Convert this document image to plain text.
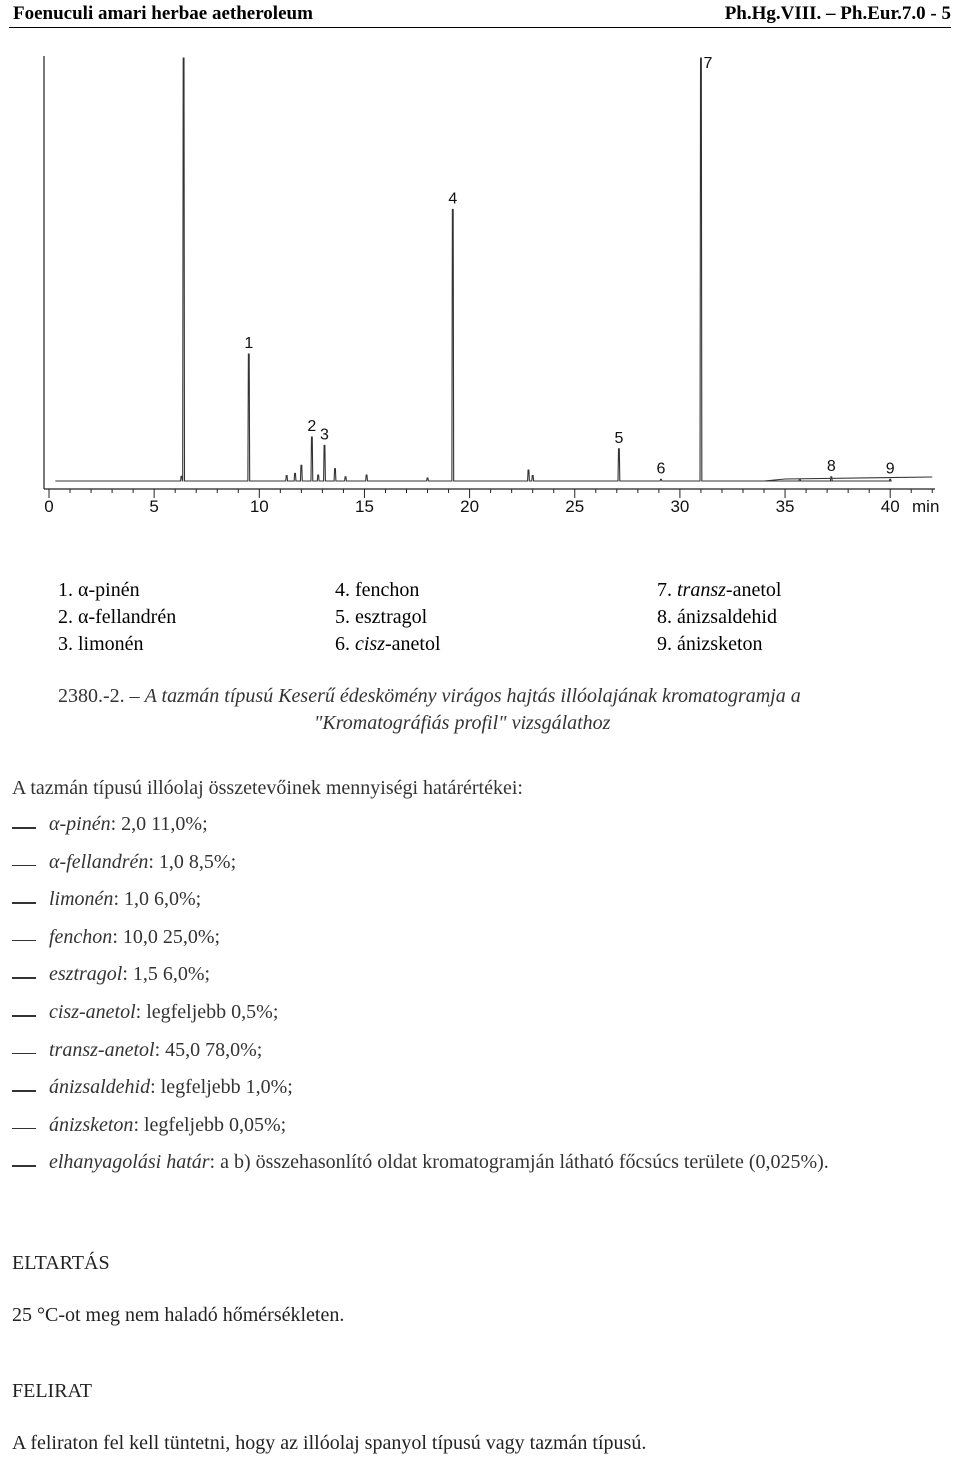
Foenuculi amari herbae aetheroleum	Ph.Hg.VIII. – Ph.Eur.7.0 - 5
0	5	10	15	20	25	30	35	40 min
1
2 3
4
5
6
7
8	9
1. α-pinén
2. α-fellandrén
3. limonén
4. fenchon
5. esztragol
6. cisz-anetol
7. transz-anetol
8. ánizsaldehid
9. ánizsketon
2380.-2. – A tazmán típusú Keserű édeskömény virágos hajtás illóolajának kromatogramja a
"Kromatográfiás profil" vizsgálathoz
A tazmán típusú illóolaj összetevőinek mennyiségi határértékei:
α-pinén: 2,0 11,0%;
α-fellandrén: 1,0 8,5%;
limonén: 1,0 6,0%;
fenchon: 10,0 25,0%;
esztragol: 1,5 6,0%;
cisz-anetol: legfeljebb 0,5%;
transz-anetol: 45,0 78,0%;
ánizsaldehid: legfeljebb 1,0%;
ánizsketon: legfeljebb 0,05%;
elhanyagolási határ: a b) összehasonlító oldat kromatogramján látható főcsúcs területe (0,025%).
ELTARTÁS
25 °C-ot meg nem haladó hőmérsékleten.
FELIRAT
A feliraton fel kell tüntetni, hogy az illóolaj spanyol típusú vagy tazmán típusú.
